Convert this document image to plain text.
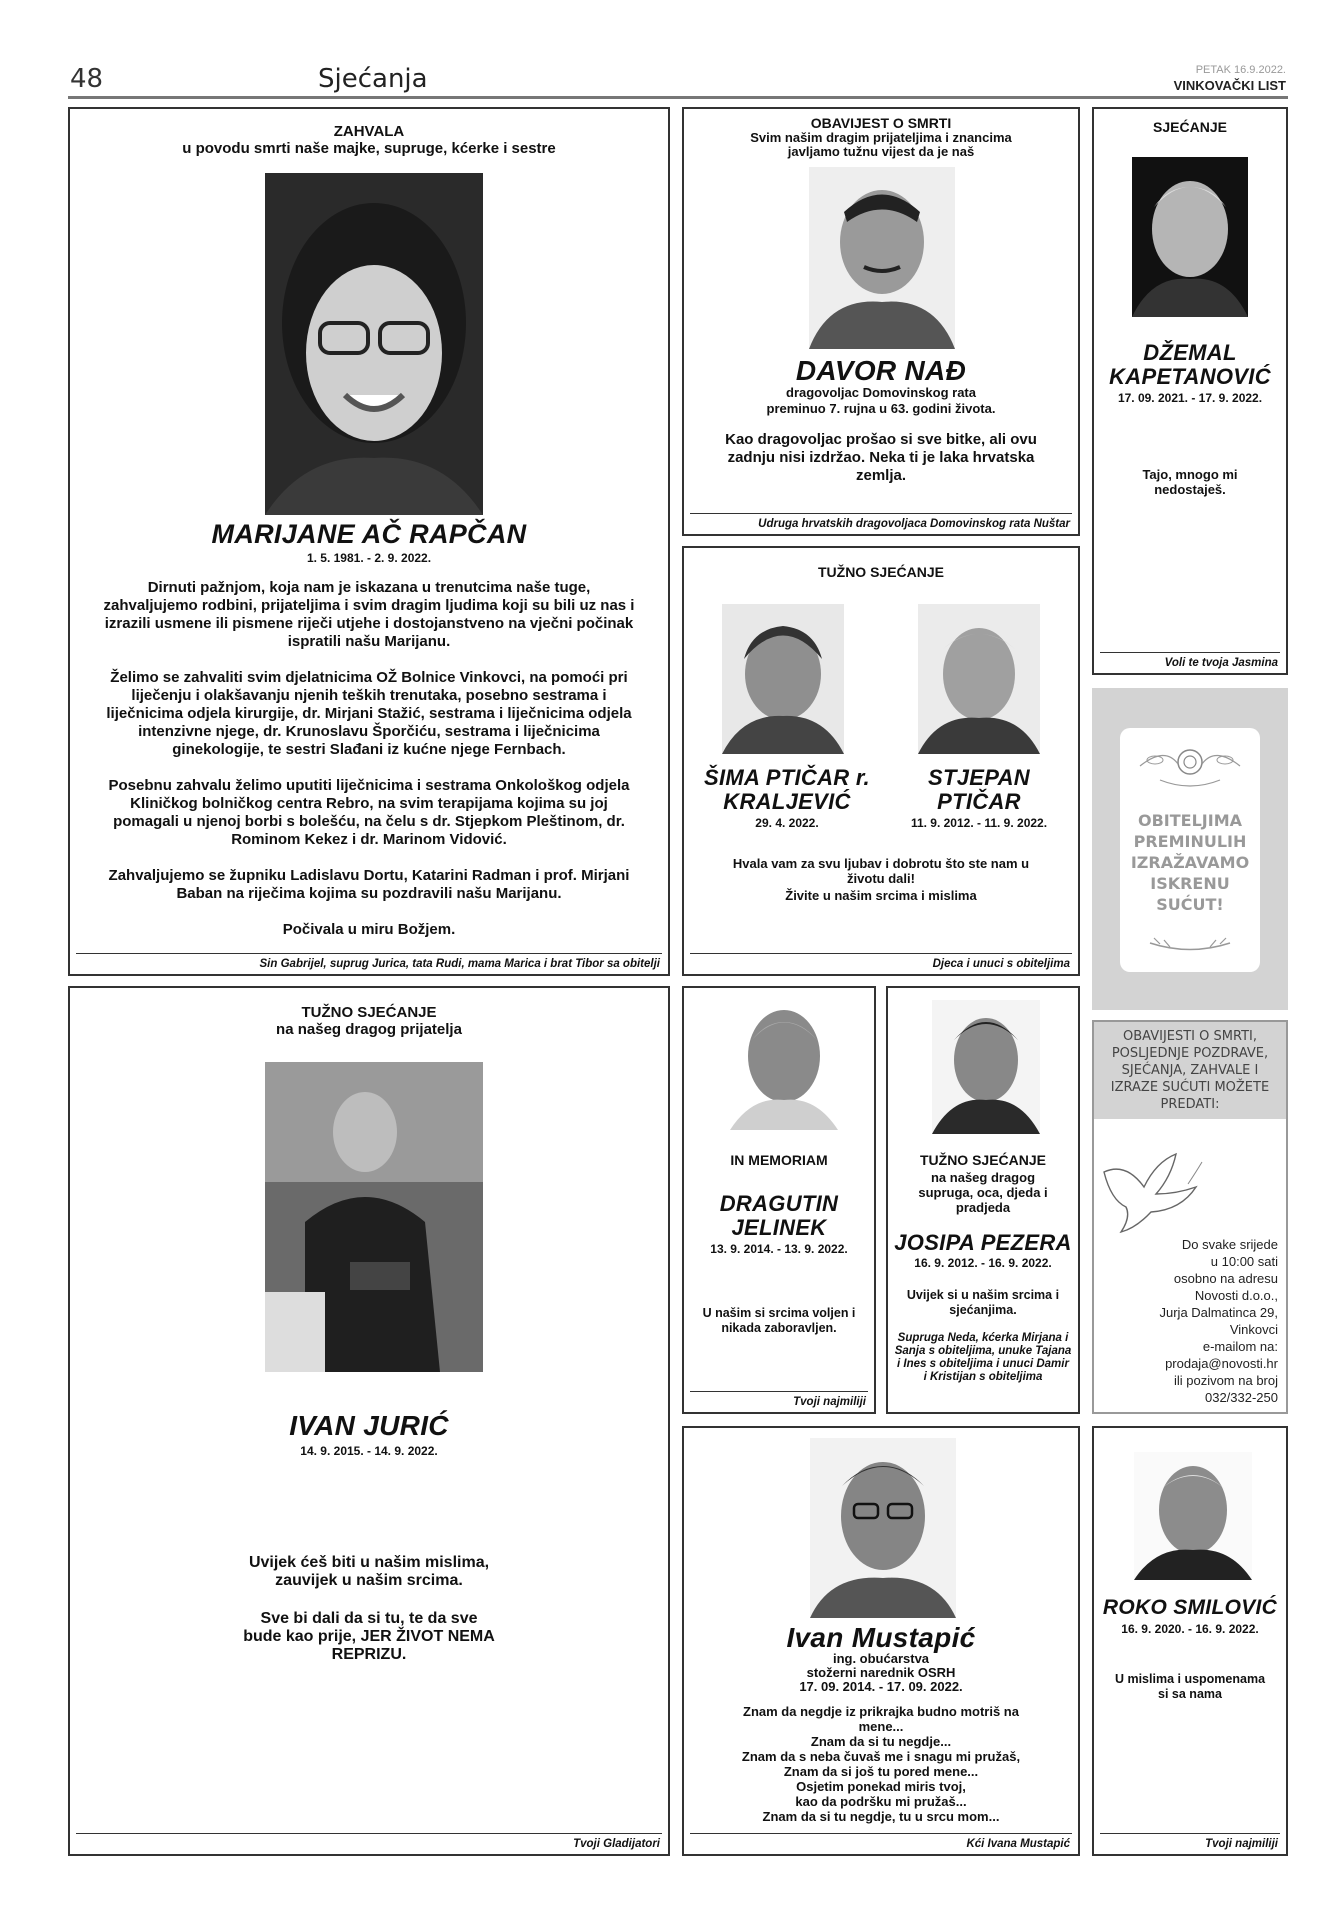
48	Sjećanja	PETAK 16.9.2022.
VINKOVAČKI LIST
ZAHVALA
u povodu smrti naše majke, supruge, kćerke i sestre
MARIJANE AČ RAPČAN
1. 5. 1981. - 2. 9. 2022.

Dirnuti pažnjom, koja nam je iskazana u trenutcima naše tuge, zahvaljujemo rodbini, prijateljima i svim dragim ljudima koji su bili uz nas i izrazili usmene ili pismene riječi utjehe i dostojanstveno na vječni počinak ispratili našu Marijanu.

Želimo se zahvaliti svim djelatnicima OŽ Bolnice Vinkovci, na pomoći pri liječenju i olakšavanju njenih teških trenutaka, posebno sestrama i liječnicima odjela kirurgije, dr. Mirjani Stažić, sestrama i liječnicima odjela intenzivne njege, dr. Krunoslavu Šporčiću, sestrama i liječnicima ginekologije, te sestri Slađani iz kućne njege Fernbach.

Posebnu zahvalu želimo uputiti liječnicima i sestrama Onkološkog odjela Kliničkog bolničkog centra Rebro, na svim terapijama kojima su joj pomagali u njenoj borbi s bolešću, na čelu s dr. Stjepkom Pleštinom, dr. Rominom Kekez i dr. Marinom Vidović.

Zahvaljujemo se župniku Ladislavu Dortu, Katarini Radman i prof. Mirjani Baban na riječima kojima su pozdravili našu Marijanu.

Počivala u miru Božjem.

Sin Gabrijel, suprug Jurica, tata Rudi, mama Marica i brat Tibor sa obitelji
OBAVIJEST O SMRTI
Svim našim dragim prijateljima i znancima javljamo tužnu vijest da je naš
DAVOR NAĐ
dragovoljac Domovinskog rata
preminuo 7. rujna u 63. godini života.
Kao dragovoljac prošao si sve bitke, ali ovu zadnju nisi izdržao. Neka ti je laka hrvatska zemlja.
Udruga hrvatskih dragovoljaca Domovinskog rata Nuštar
SJEĆANJE
DŽEMAL KAPETANOVIĆ
17. 09. 2021. - 17. 9. 2022.
Tajo, mnogo mi nedostaješ.
Voli te tvoja Jasmina
TUŽNO SJEĆANJE
ŠIMA PTIČAR r. KRALJEVIĆ
29. 4. 2022.
STJEPAN PTIČAR
11. 9. 2012. - 11. 9. 2022.
Hvala vam za svu ljubav i dobrotu što ste nam u životu dali!
Živite u našim srcima i mislima
Djeca i unuci s obiteljima
OBITELJIMA PREMINULIH IZRAŽAVAMO ISKRENU SUĆUT!
TUŽNO SJEĆANJE
na našeg dragog prijatelja
IVAN JURIĆ
14. 9. 2015. - 14. 9. 2022.
Uvijek ćeš biti u našim mislima, zauvijek u našim srcima.
Sve bi dali da si tu, te da sve bude kao prije, JER ŽIVOT NEMA REPRIZU.
Tvoji Gladijatori
IN MEMORIAM
DRAGUTIN JELINEK
13. 9. 2014. - 13. 9. 2022.
U našim si srcima voljen i nikada zaboravljen.
Tvoji najmiliji
TUŽNO SJEĆANJE
na našeg dragog supruga, oca, djeda i pradjeda
JOSIPA PEZERA
16. 9. 2012. - 16. 9. 2022.
Uvijek si u našim srcima i sjećanjima.
Supruga Neda, kćerka Mirjana i Sanja s obiteljima, unuke Tajana i Ines s obiteljima i unuci Damir i Kristijan s obiteljima
OBAVIJESTI O SMRTI, POSLJEDNJE POZDRAVE, SJEĆANJA, ZAHVALE I IZRAZE SUĆUTI MOŽETE PREDATI:
Do svake srijede
u 10:00 sati
osobno na adresu
Novosti d.o.o.,
Jurja Dalmatinca 29,
Vinkovci
e-mailom na:
prodaja@novosti.hr
ili pozivom na broj
032/332-250
Ivan Mustapić
ing. obućarstva
stožerni narednik OSRH
17. 09. 2014. - 17. 09. 2022.
Znam da negdje iz prikrajka budno motriš na mene...
Znam da si tu negdje...
Znam da s neba čuvaš me i snagu mi pružaš,
Znam da si još tu pored mene...
Osjetim ponekad miris tvoj,
kao da podršku mi pružaš...
Znam da si tu negdje, tu u srcu mom...
Kći Ivana Mustapić
ROKO SMILOVIĆ
16. 9. 2020. - 16. 9. 2022.
U mislima i uspomenama si sa nama
Tvoji najmiliji
